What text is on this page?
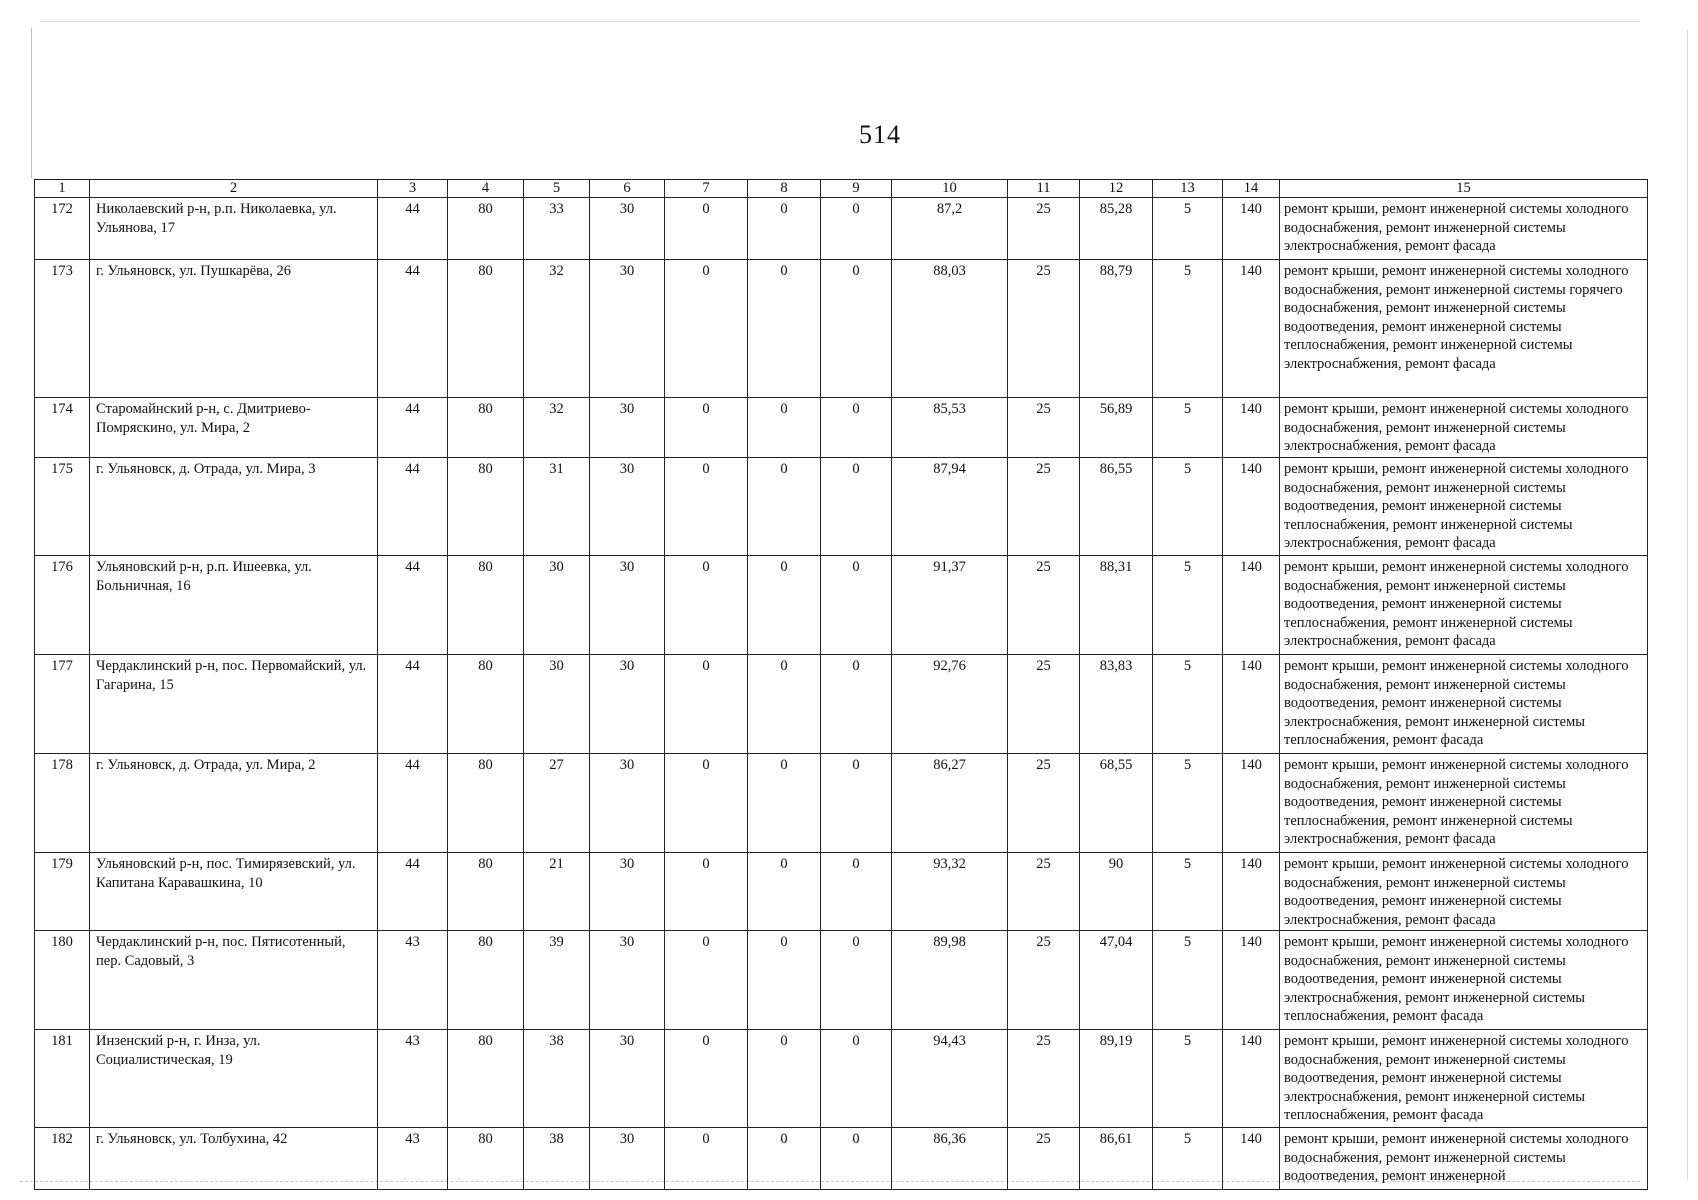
514
1	2	3	4	5	6	7	8	9	10	11	12	13	14	15
172	Николаевский р-н, р.п. Николаевка, ул. Ульянова, 17	44	80	33	30	0	0	0	87,2	25	85,28	5	140	ремонт крыши, ремонт инженерной системы холодного водоснабжения, ремонт инженерной системы электроснабжения, ремонт фасада
173	г. Ульяновск, ул. Пушкарёва, 26	44	80	32	30	0	0	0	88,03	25	88,79	5	140	ремонт крыши, ремонт инженерной системы холодного водоснабжения, ремонт инженерной системы горячего водоснабжения, ремонт инженерной системы водоотведения, ремонт инженерной системы теплоснабжения, ремонт инженерной системы электроснабжения, ремонт фасада
174	Старомайнский р-н, с. Дмитриево-Помряскино, ул. Мира, 2	44	80	32	30	0	0	0	85,53	25	56,89	5	140	ремонт крыши, ремонт инженерной системы холодного водоснабжения, ремонт инженерной системы электроснабжения, ремонт фасада
175	г. Ульяновск, д. Отрада, ул. Мира, 3	44	80	31	30	0	0	0	87,94	25	86,55	5	140	ремонт крыши, ремонт инженерной системы холодного водоснабжения, ремонт инженерной системы водоотведения, ремонт инженерной системы теплоснабжения, ремонт инженерной системы электроснабжения, ремонт фасада
176	Ульяновский р-н, р.п. Ишеевка, ул. Больничная, 16	44	80	30	30	0	0	0	91,37	25	88,31	5	140	ремонт крыши, ремонт инженерной системы холодного водоснабжения, ремонт инженерной системы водоотведения, ремонт инженерной системы теплоснабжения, ремонт инженерной системы электроснабжения, ремонт фасада
177	Чердаклинский р-н, пос. Первомайский, ул. Гагарина, 15	44	80	30	30	0	0	0	92,76	25	83,83	5	140	ремонт крыши, ремонт инженерной системы холодного водоснабжения, ремонт инженерной системы водоотведения, ремонт инженерной системы электроснабжения, ремонт инженерной системы теплоснабжения, ремонт фасада
178	г. Ульяновск, д. Отрада, ул. Мира, 2	44	80	27	30	0	0	0	86,27	25	68,55	5	140	ремонт крыши, ремонт инженерной системы холодного водоснабжения, ремонт инженерной системы водоотведения, ремонт инженерной системы теплоснабжения, ремонт инженерной системы электроснабжения, ремонт фасада
179	Ульяновский р-н, пос. Тимирязевский, ул. Капитана Каравашкина, 10	44	80	21	30	0	0	0	93,32	25	90	5	140	ремонт крыши, ремонт инженерной системы холодного водоснабжения, ремонт инженерной системы водоотведения, ремонт инженерной системы электроснабжения, ремонт фасада
180	Чердаклинский р-н, пос. Пятисотенный, пер. Садовый, 3	43	80	39	30	0	0	0	89,98	25	47,04	5	140	ремонт крыши, ремонт инженерной системы холодного водоснабжения, ремонт инженерной системы водоотведения, ремонт инженерной системы электроснабжения, ремонт инженерной системы теплоснабжения, ремонт фасада
181	Инзенский р-н, г. Инза, ул. Социалистическая, 19	43	80	38	30	0	0	0	94,43	25	89,19	5	140	ремонт крыши, ремонт инженерной системы холодного водоснабжения, ремонт инженерной системы водоотведения, ремонт инженерной системы электроснабжения, ремонт инженерной системы теплоснабжения, ремонт фасада
182	г. Ульяновск, ул. Толбухина, 42	43	80	38	30	0	0	0	86,36	25	86,61	5	140	ремонт крыши, ремонт инженерной системы холодного водоснабжения, ремонт инженерной системы водоотведения, ремонт инженерной
